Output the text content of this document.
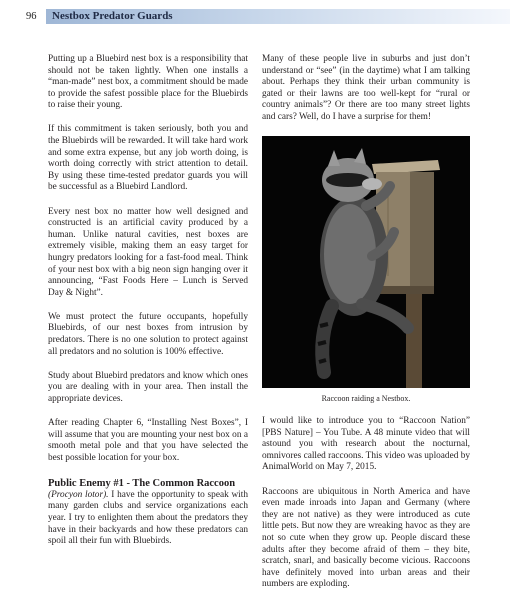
96 Nestbox Predator Guards

Putting up a Bluebird nest box is a responsibility that should not be taken lightly. When one installs a “man-made” nest box, a commitment should be made to provide the safest possible place for the Bluebirds to raise their young.

If this commitment is taken seriously, both you and the Bluebirds will be rewarded. It will take hard work and some extra expense, but any job worth doing, is worth doing correctly with strict attention to detail. By using these time-tested predator guards you will be successful as a Bluebird Landlord.

Every nest box no matter how well designed and constructed is an artificial cavity produced by a human. Unlike natural cavities, nest boxes are extremely visible, making them an easy target for hungry predators looking for a fast-food meal. Think of your nest box with a big neon sign hanging over it announcing, “Fast Foods Here – Lunch is Served Day & Night”.

We must protect the future occupants, hopefully Bluebirds, of our nest boxes from intrusion by predators. There is no one solution to protect against all predators and no solution is 100% effective.

Study about Bluebird predators and know which ones you are dealing with in your area. Then install the appropriate devices.

After reading Chapter 6, “Installing Nest Boxes”, I will assume that you are mounting your nest box on a smooth metal pole and that you have selected the best possible location for your box.

Public Enemy #1 - The Common Raccoon

(Procyon lotor). I have the opportunity to speak with many garden clubs and service organizations each year. I try to enlighten them about the predators they have in their backyards and how these predators can spoil all their fun with Bluebirds.

Many of these people live in suburbs and just don’t understand or “see” (in the daytime) what I am talking about. Perhaps they think their urban community is gated or their lawns are too well-kept for “rural or country animals”? Or there are too many street lights and cars? Well, do I have a surprise for them!

Raccoon raiding a Nestbox.

I would like to introduce you to “Raccoon Nation” [PBS Nature] – You Tube. A 48 minute video that will astound you with research about the nocturnal, omnivores called raccoons. This video was uploaded by AnimalWorld on May 7, 2015.

Raccoons are ubiquitous in North America and have even made inroads into Japan and Germany (where they are not native) as they were introduced as cute little pets. But now they are wreaking havoc as they are not so cute when they grow up. People discard these adults after they become afraid of them – they bite, scratch, snarl, and basically become vicious. Raccoons have definitely moved into urban areas and their numbers are exploding.
